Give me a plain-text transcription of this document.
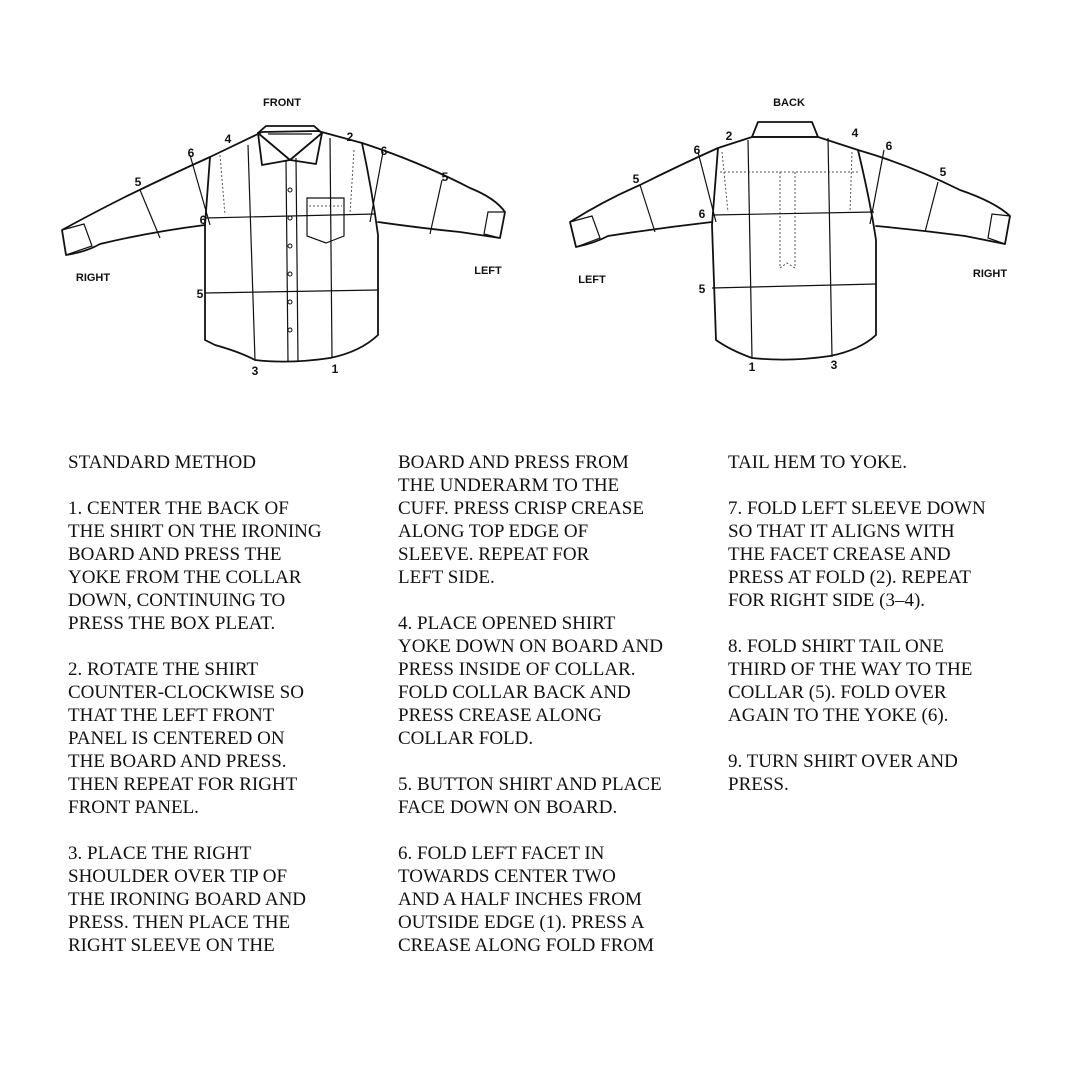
FRONT
RIGHT
LEFT
4	2
6	6
5	5
6
5
3	1
BACK
LEFT	RIGHT
2	4
6	6
5	5
6
5
1	3

STANDARD METHOD

1. CENTER THE BACK OF
THE SHIRT ON THE IRONING
BOARD AND PRESS THE
YOKE FROM THE COLLAR
DOWN, CONTINUING TO
PRESS THE BOX PLEAT.

2. ROTATE THE SHIRT
COUNTER-CLOCKWISE SO
THAT THE LEFT FRONT
PANEL IS CENTERED ON
THE BOARD AND PRESS.
THEN REPEAT FOR RIGHT
FRONT PANEL.

3. PLACE THE RIGHT
SHOULDER OVER TIP OF
THE IRONING BOARD AND
PRESS. THEN PLACE THE
RIGHT SLEEVE ON THE

BOARD AND PRESS FROM
THE UNDERARM TO THE
CUFF. PRESS CRISP CREASE
ALONG TOP EDGE OF
SLEEVE. REPEAT FOR
LEFT SIDE.

4. PLACE OPENED SHIRT
YOKE DOWN ON BOARD AND
PRESS INSIDE OF COLLAR.
FOLD COLLAR BACK AND
PRESS CREASE ALONG
COLLAR FOLD.

5. BUTTON SHIRT AND PLACE
FACE DOWN ON BOARD.

6. FOLD LEFT FACET IN
TOWARDS CENTER TWO
AND A HALF INCHES FROM
OUTSIDE EDGE (1). PRESS A
CREASE ALONG FOLD FROM

TAIL HEM TO YOKE.

7. FOLD LEFT SLEEVE DOWN
SO THAT IT ALIGNS WITH
THE FACET CREASE AND
PRESS AT FOLD (2). REPEAT
FOR RIGHT SIDE (3–4).

8. FOLD SHIRT TAIL ONE
THIRD OF THE WAY TO THE
COLLAR (5). FOLD OVER
AGAIN TO THE YOKE (6).

9. TURN SHIRT OVER AND
PRESS.
